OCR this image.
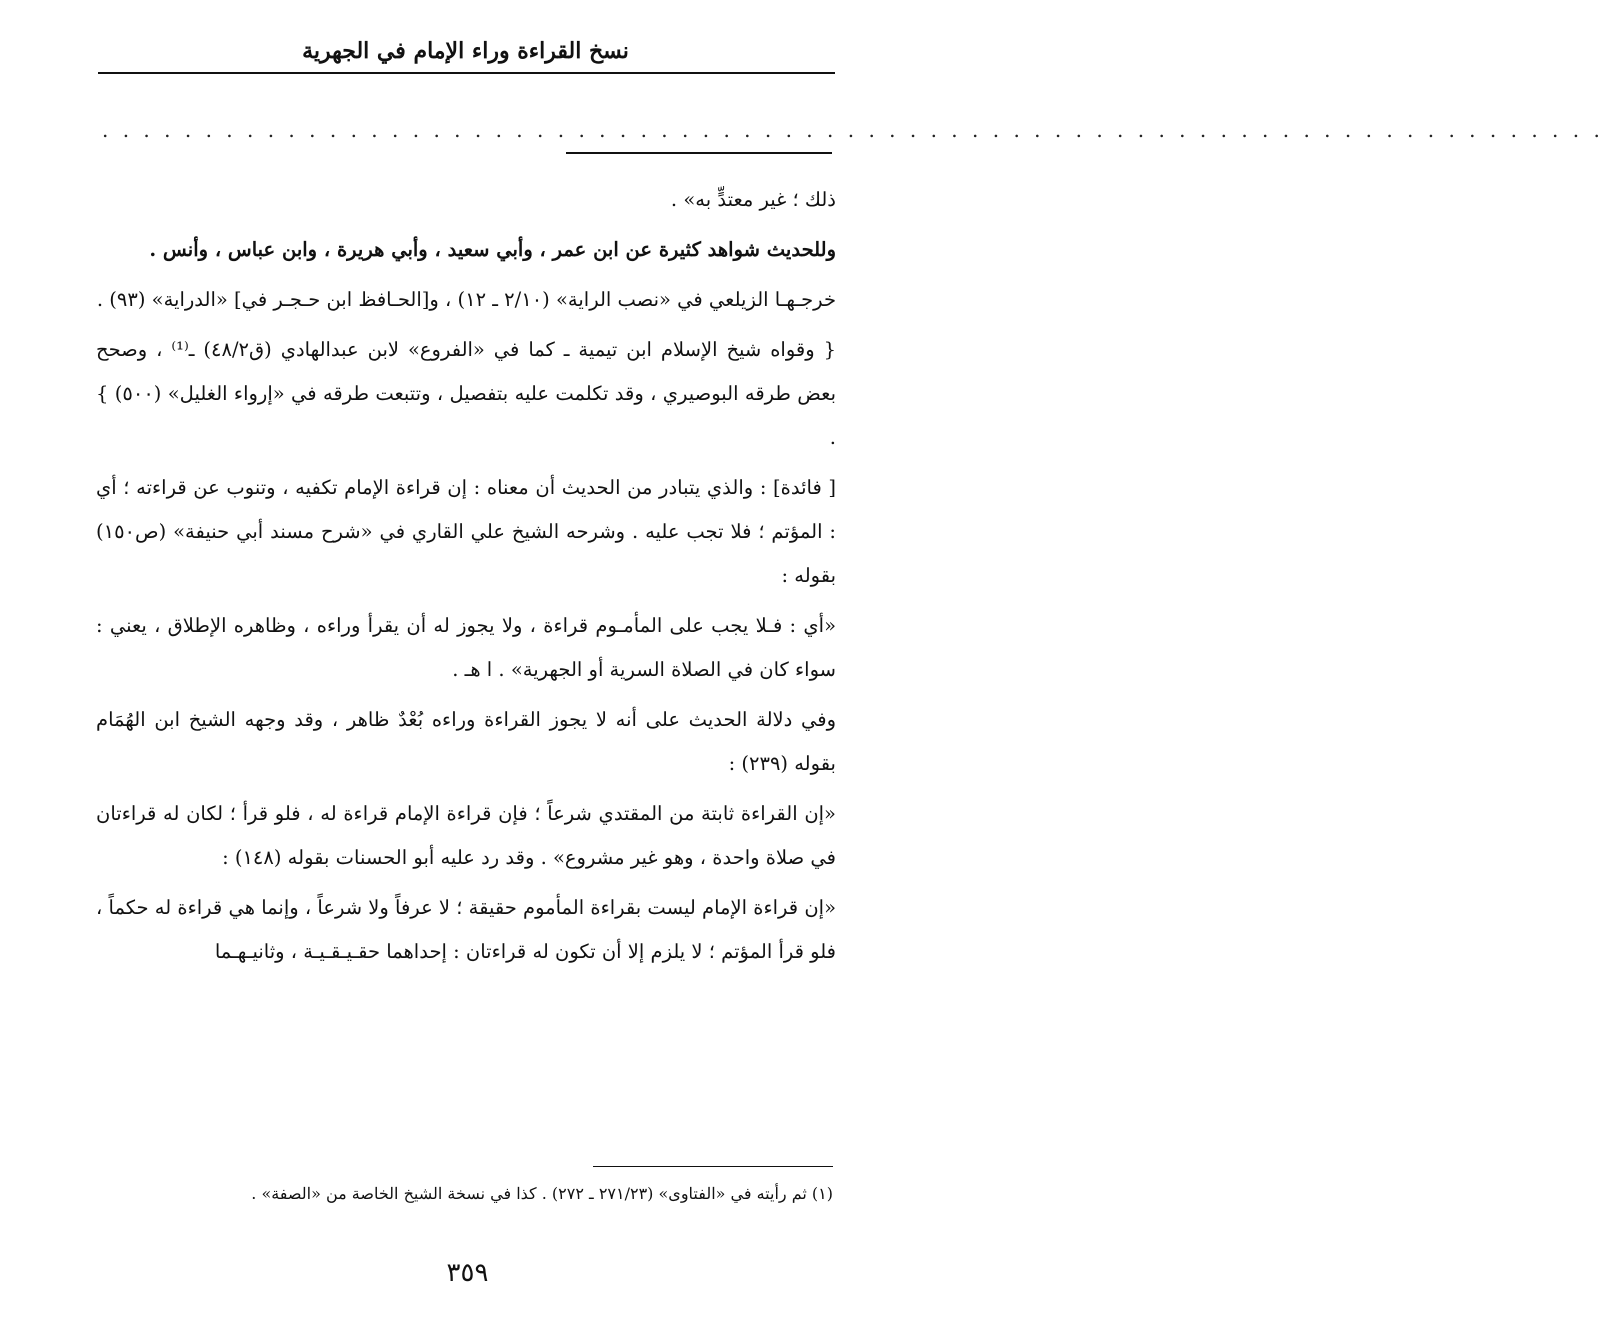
نسخ القراءة وراء الإمام في الجهرية
. . . . . . . . . . . . . . . . . . . . . . . . . . . . . . . . . . . . . . . . . . . . . . . . . . . . . . . . . . . . . . . . . . . . . . . . .

ذلك ؛ غير معتدٍّ به» .

وللحديث شواهد كثيرة عن ابن عمر ، وأبي سعيد ، وأبي هريرة ، وابن عباس ، وأنس .

خرجـهـا الزيلعي في «نصب الراية» (٢/١٠ ـ ١٢) ، و[الحـافظ ابن حـجـر في] «الدراية» (٩٣) .

{ وقواه شيخ الإسلام ابن تيمية ـ كما في «الفروع» لابن عبدالهادي (ق٤٨/٢) ـ⁽¹⁾ ، وصحح بعض طرقه البوصيري ، وقد تكلمت عليه بتفصيل ، وتتبعت طرقه في «إرواء الغليل» (٥٠٠) } .

[ فائدة] : والذي يتبادر من الحديث أن معناه : إن قراءة الإمام تكفيه ، وتنوب عن قراءته ؛ أي : المؤتم ؛ فلا تجب عليه . وشرحه الشيخ علي القاري في «شرح مسند أبي حنيفة» (ص١٥٠) بقوله :

«أي : فـلا يجب على المأمـوم قراءة ، ولا يجوز له أن يقرأ وراءه ، وظاهره الإطلاق ، يعني : سواء كان في الصلاة السرية أو الجهرية» . ا هـ .

وفي دلالة الحديث على أنه لا يجوز القراءة وراءه بُعْدٌ ظاهر ، وقد وجهه الشيخ ابن الهُمَام بقوله (٢٣٩) :

«إن القراءة ثابتة من المقتدي شرعاً ؛ فإن قراءة الإمام قراءة له ، فلو قرأ ؛ لكان له قراءتان في صلاة واحدة ، وهو غير مشروع» . وقد رد عليه أبو الحسنات بقوله (١٤٨) :

«إن قراءة الإمام ليست بقراءة المأموم حقيقة ؛ لا عرفاً ولا شرعاً ، وإنما هي قراءة له حكماً ، فلو قرأ المؤتم ؛ لا يلزم إلا أن تكون له قراءتان : إحداهما حقـيـقـيـة ، وثانيـهـما

(١) ثم رأيته في «الفتاوى» (٢٧١/٢٣ ـ ٢٧٢) . كذا في نسخة الشيخ الخاصة من «الصفة» .
٣٥٩
